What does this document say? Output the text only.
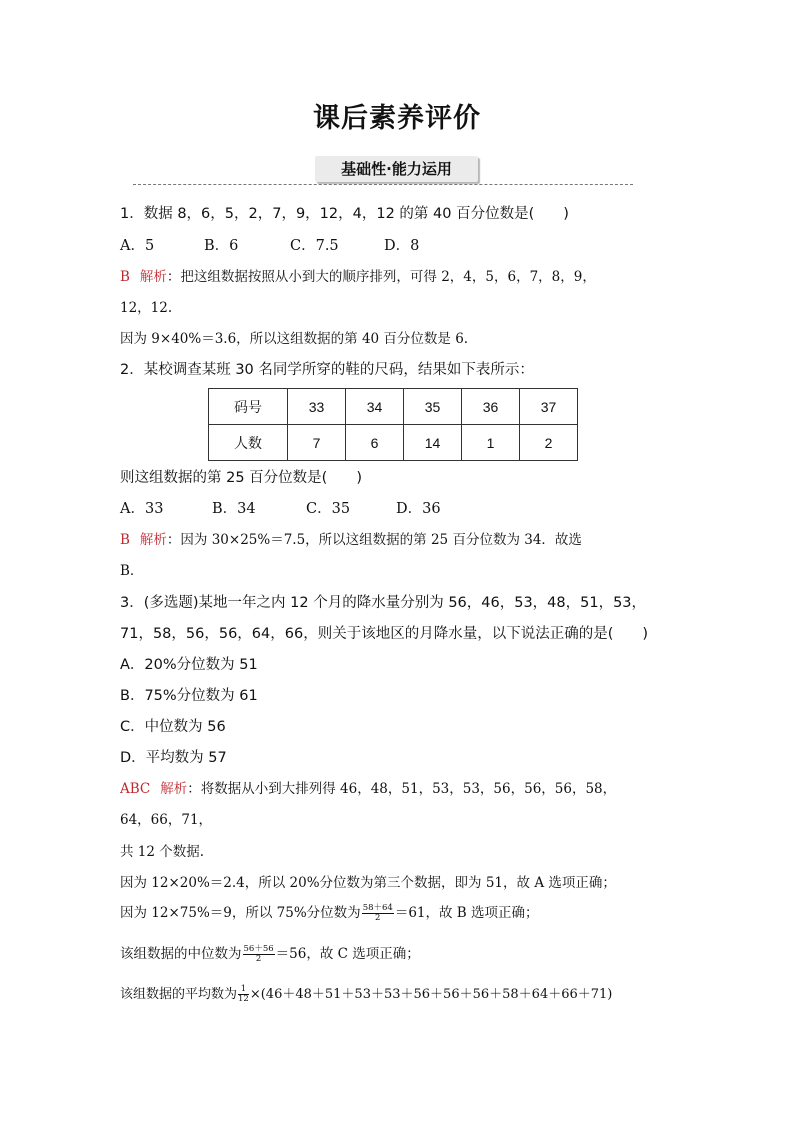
课后素养评价
基础性·能力运用
1．数据 8，6，5，2，7，9，12，4，12 的第 40 百分位数是(　　)
A．5	B．6	C．7.5	D．8
B 解析：把这组数据按照从小到大的顺序排列，可得 2，4，5，6，7，8，9，
12，12.
因为 9×40%＝3.6，所以这组数据的第 40 百分位数是 6.
2．某校调查某班 30 名同学所穿的鞋的尺码，结果如下表所示：
码号	33	34	35	36	37
人数	7	6	14	1	2
则这组数据的第 25 百分位数是(　　)
A．33	B．34	C．35	D．36
B 解析：因为 30×25%＝7.5，所以这组数据的第 25 百分位数为 34．故选
B．
3．(多选题)某地一年之内 12 个月的降水量分别为 56，46，53，48，51，53，
71，58，56，56，64，66，则关于该地区的月降水量，以下说法正确的是(　　)
A．20%分位数为 51
B．75%分位数为 61
C．中位数为 56
D．平均数为 57
ABC 解析：将数据从小到大排列得 46，48，51，53，53，56，56，56，58，
64，66，71，
共 12 个数据.
因为 12×20%＝2.4，所以 20%分位数为第三个数据，即为 51，故 A 选项正确；
因为 12×75%＝9，所以 75%分位数为 $\frac{58+64}{2} =61$，故 B 选项正确；
该组数据的中位数为 $\frac{56+56}{2} =56$，故 C 选项正确；
该组数据的平均数为 $\frac{1}{12} \times(46+48+51+53+53+56+56+56+58+64+66+71)$
